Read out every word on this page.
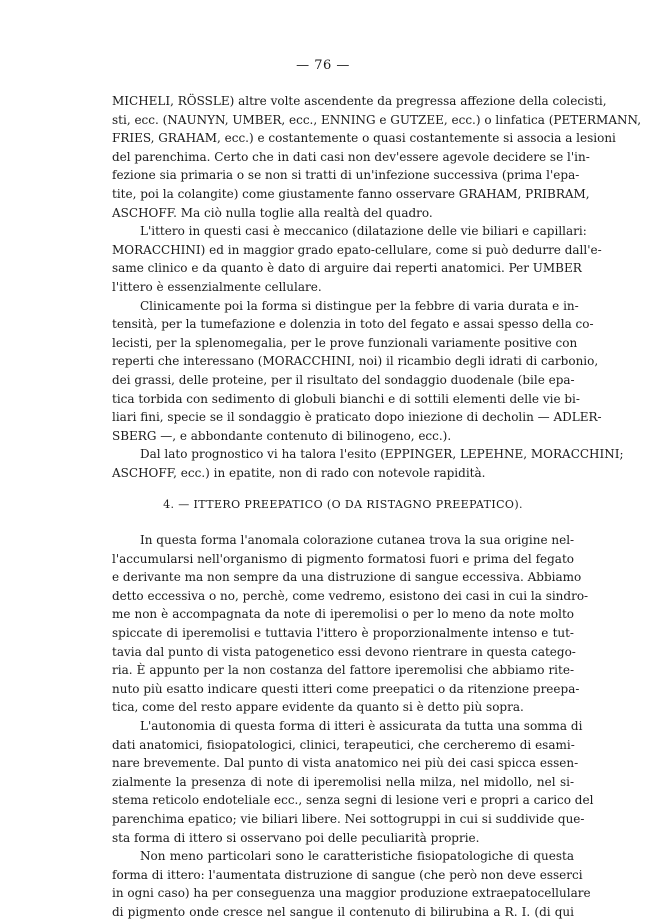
— 76 —
MICHELI, RÖSSLE) altre volte ascendente da pregressa affezione della colecisti,
sti, ecc. (NAUNYN, UMBER, ecc., ENNING e GUTZEE, ecc.) o linfatica (PETERMANN,
FRIES, GRAHAM, ecc.) e costantemente o quasi costantemente si associa a lesioni
del parenchima. Certo che in dati casi non dev'essere agevole decidere se l'in-
fezione sia primaria o se non si tratti di un'infezione successiva (prima l'epa-
tite, poi la colangite) come giustamente fanno osservare GRAHAM, PRIBRAM,
ASCHOFF. Ma ciò nulla toglie alla realtà del quadro.
L'ittero in questi casi è meccanico (dilatazione delle vie biliari e capillari:
MORACCHINI) ed in maggior grado epato-cellulare, come si può dedurre dall'e-
same clinico e da quanto è dato di arguire dai reperti anatomici. Per UMBER
l'ittero è essenzialmente cellulare.
Clinicamente poi la forma si distingue per la febbre di varia durata e in-
tensità, per la tumefazione e dolenzia in toto del fegato e assai spesso della co-
lecisti, per la splenomegalia, per le prove funzionali variamente positive con
reperti che interessano (MORACCHINI, noi) il ricambio degli idrati di carbonio,
dei grassi, delle proteine, per il risultato del sondaggio duodenale (bile epa-
tica torbida con sedimento di globuli bianchi e di sottili elementi delle vie bi-
liari fini, specie se il sondaggio è praticato dopo iniezione di decholin — ADLER-
SBERG —, e abbondante contenuto di bilinogeno, ecc.).
Dal lato prognostico vi ha talora l'esito (EPPINGER, LEPEHNE, MORACCHINI;
ASCHOFF, ecc.) in epatite, non di rado con notevole rapidità.
4. — ITTERO PREEPATICO (O DA RISTAGNO PREEPATICO).
In questa forma l'anomala colorazione cutanea trova la sua origine nel-
l'accumularsi nell'organismo di pigmento formatosi fuori e prima del fegato
e derivante ma non sempre da una distruzione di sangue eccessiva. Abbiamo
detto eccessiva o no, perchè, come vedremo, esistono dei casi in cui la sindro-
me non è accompagnata da note di iperemolisi o per lo meno da note molto
spiccate di iperemolisi e tuttavia l'ittero è proporzionalmente intenso e tut-
tavia dal punto di vista patogenetico essi devono rientrare in questa catego-
ria. È appunto per la non costanza del fattore iperemolisi che abbiamo rite-
nuto più esatto indicare questi itteri come preepatici o da ritenzione preepa-
tica, come del resto appare evidente da quanto si è detto più sopra.
L'autonomia di questa forma di itteri è assicurata da tutta una somma di
dati anatomici, fisiopatologici, clinici, terapeutici, che cercheremo di esami-
nare brevemente. Dal punto di vista anatomico nei più dei casi spicca essen-
zialmente la presenza di note di iperemolisi nella milza, nel midollo, nel si-
stema reticolo endoteliale ecc., senza segni di lesione veri e propri a carico del
parenchima epatico; vie biliari libere. Nei sottogruppi in cui si suddivide que-
sta forma di ittero si osservano poi delle peculiarità proprie.
Non meno particolari sono le caratteristiche fisiopatologiche di questa
forma di ittero: l'aumentata distruzione di sangue (che però non deve esserci
in ogni caso) ha per conseguenza una maggior produzione extraepatocellulare
di pigmento onde cresce nel sangue il contenuto di bilirubina a R. I. (di qui
